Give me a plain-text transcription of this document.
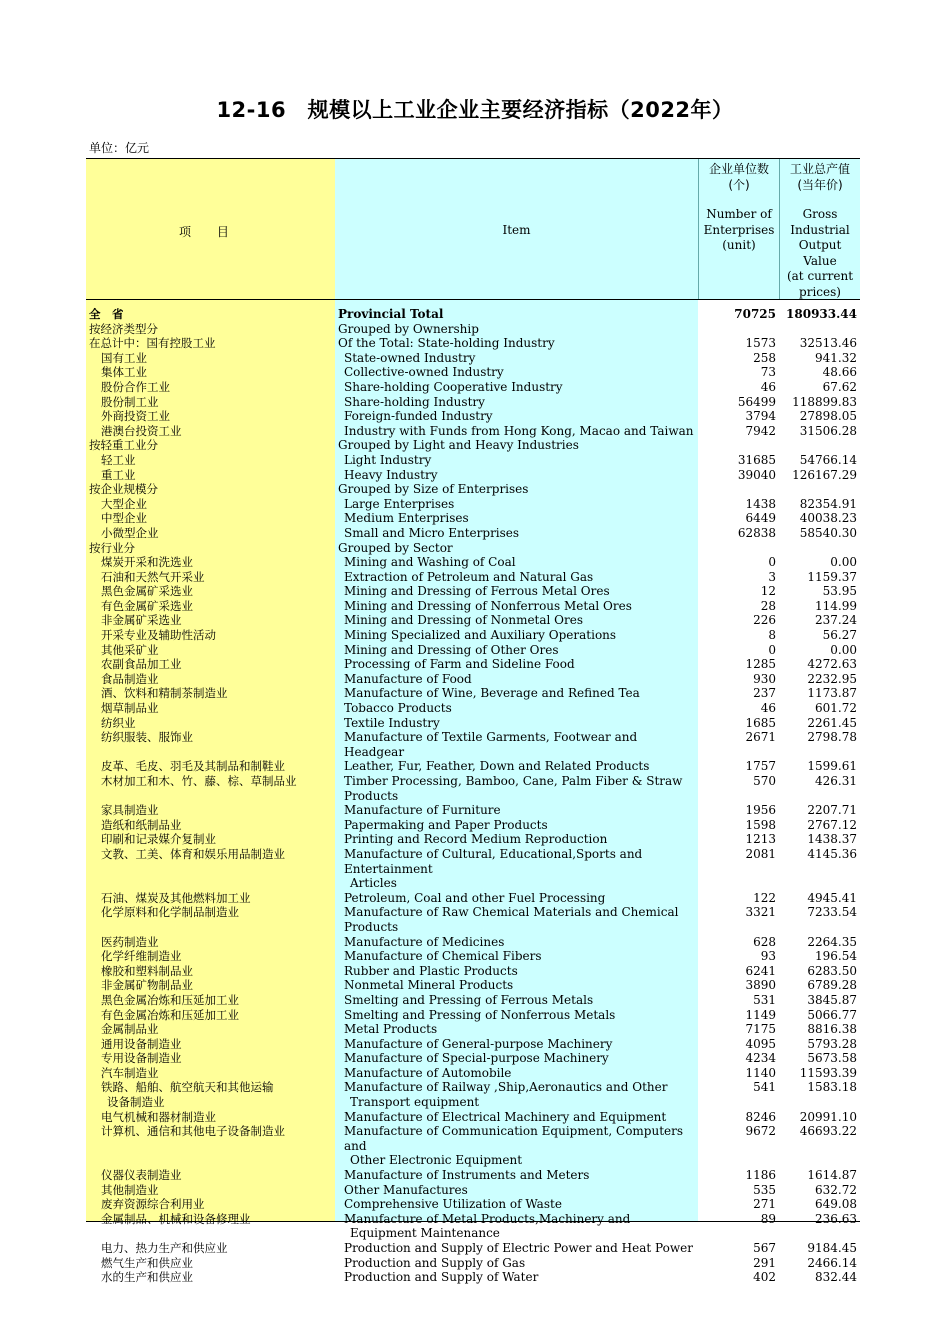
12-16　规模以上工业企业主要经济指标（2022年）
单位：亿元
项 目	Item
企业单位数
(个)
Number of
Enterprises
(unit)
工业总产值
(当年价)
Gross
Industrial
Output
Value
(at current
prices)
全　省	Provincial Total	70725 180933.44
按经济类型分	Grouped by Ownership
在总计中：国有控股工业	Of the Total: State-holding Industry	1573	32513.46
国有工业	State-owned Industry	258	941.32
集体工业	Collective-owned Industry	73	48.66
股份合作工业	Share-holding Cooperative Industry	46	67.62
股份制工业	Share-holding Industry	56499	118899.83
外商投资工业	Foreign-funded Industry	3794	27898.05
港澳台投资工业	Industry with Funds from Hong Kong, Macao and Taiwan	7942	31506.28
按轻重工业分	Grouped by Light and Heavy Industries
轻工业	Light Industry	31685	54766.14
重工业	Heavy Industry	39040	126167.29
按企业规模分	Grouped by Size of Enterprises
大型企业	Large Enterprises	1438	82354.91
中型企业	Medium Enterprises	6449	40038.23
小微型企业	Small and Micro Enterprises	62838	58540.30
按行业分	Grouped by Sector
煤炭开采和洗选业	Mining and Washing of Coal	0	0.00
石油和天然气开采业	Extraction of Petroleum and Natural Gas	3	1159.37
黑色金属矿采选业	Mining and Dressing of Ferrous Metal Ores	12	53.95
有色金属矿采选业	Mining and Dressing of Nonferrous Metal Ores	28	114.99
非金属矿采选业	Mining and Dressing of Nonmetal Ores	226	237.24
开采专业及辅助性活动	Mining Specialized and Auxiliary Operations	8	56.27
其他采矿业	Mining and Dressing of Other Ores	0	0.00
农副食品加工业	Processing of Farm and Sideline Food	1285	4272.63
食品制造业	Manufacture of Food	930	2232.95
酒、饮料和精制茶制造业	Manufacture of Wine, Beverage and Refined Tea	237	1173.87
烟草制品业	Tobacco Products	46	601.72
纺织业	Textile Industry	1685	2261.45
纺织服装、服饰业	Manufacture of Textile Garments, Footwear and Headgear
2671	2798.78
皮革、毛皮、羽毛及其制品和制鞋业	Leather, Fur, Feather, Down and Related Products	1757	1599.61
木材加工和木、竹、藤、棕、草制品业	Timber Processing, Bamboo, Cane, Palm Fiber & Straw Products
570	426.31
家具制造业	Manufacture of Furniture	1956	2207.71
造纸和纸制品业	Papermaking and Paper Products	1598	2767.12
印刷和记录媒介复制业	Printing and Record Medium Reproduction	1213	1438.37
文教、工美、体育和娱乐用品制造业	Manufacture of Cultural, Educational,Sports and Entertainment
Articles
2081	4145.36
石油、煤炭及其他燃料加工业	Petroleum, Coal and other Fuel Processing	122	4945.41
化学原料和化学制品制造业	Manufacture of Raw Chemical Materials and Chemical Products
3321	7233.54
医药制造业	Manufacture of Medicines	628	2264.35
化学纤维制造业	Manufacture of Chemical Fibers	93	196.54
橡胶和塑料制品业	Rubber and Plastic Products	6241	6283.50
非金属矿物制品业	Nonmetal Mineral Products	3890	6789.28
黑色金属冶炼和压延加工业	Smelting and Pressing of Ferrous Metals	531	3845.87
有色金属冶炼和压延加工业	Smelting and Pressing of Nonferrous Metals	1149	5066.77
金属制品业	Metal Products	7175	8816.38
通用设备制造业	Manufacture of General-purpose Machinery	4095	5793.28
专用设备制造业	Manufacture of Special-purpose Machinery	4234	5673.58
汽车制造业	Manufacture of Automobile	1140	11593.39
铁路、船舶、航空航天和其他运输
设备制造业
Manufacture of Railway ,Ship,Aeronautics and Other
Transport equipment
541	1583.18
电气机械和器材制造业	Manufacture of Electrical Machinery and Equipment	8246	20991.10
计算机、通信和其他电子设备制造业	Manufacture of Communication Equipment, Computers and
Other Electronic Equipment
9672	46693.22
仪器仪表制造业	Manufacture of Instruments and Meters	1186	1614.87
其他制造业	Other Manufactures	535	632.72
废弃资源综合利用业	Comprehensive Utilization of Waste	271	649.08
金属制品、机械和设备修理业	Manufacture of Metal Products,Machinery and
Equipment Maintenance
89	236.63
电力、热力生产和供应业	Production and Supply of Electric Power and Heat Power	567	9184.45
燃气生产和供应业	Production and Supply of Gas	291	2466.14
水的生产和供应业	Production and Supply of Water	402	832.44
